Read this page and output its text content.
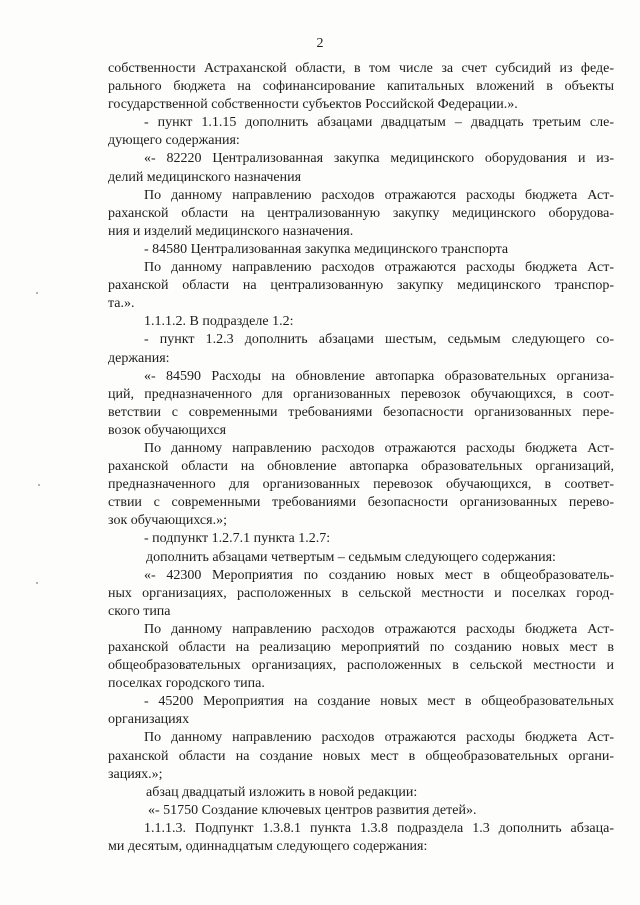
2
собственности Астраханской области, в том числе за счет субсидий из феде-
рального бюджета на софинансирование капитальных вложений в объекты
государственной собственности субъектов Российской Федерации.».
- пункт 1.1.15 дополнить абзацами двадцатым – двадцать третьим сле-
дующего содержания:
«- 82220 Централизованная закупка медицинского оборудования и из-
делий медицинского назначения
По данному направлению расходов отражаются расходы бюджета Аст-
раханской области на централизованную закупку медицинского оборудова-
ния и изделий медицинского назначения.
- 84580 Централизованная закупка медицинского транспорта
По данному направлению расходов отражаются расходы бюджета Аст-
раханской области на централизованную закупку медицинского транспор-
та.».
1.1.1.2. В подразделе 1.2:
- пункт 1.2.3 дополнить абзацами шестым, седьмым следующего со-
держания:
«- 84590 Расходы на обновление автопарка образовательных организа-
ций, предназначенного для организованных перевозок обучающихся, в соот-
ветствии с современными требованиями безопасности организованных пере-
возок обучающихся
По данному направлению расходов отражаются расходы бюджета Аст-
раханской области на обновление автопарка образовательных организаций,
предназначенного для организованных перевозок обучающихся, в соответ-
ствии с современными требованиями безопасности организованных перево-
зок обучающихся.»;
- подпункт 1.2.7.1 пункта 1.2.7:
дополнить абзацами четвертым – седьмым следующего содержания:
«- 42300 Мероприятия по созданию новых мест в общеобразователь-
ных организациях, расположенных в сельской местности и поселках город-
ского типа
По данному направлению расходов отражаются расходы бюджета Аст-
раханской области на реализацию мероприятий по созданию новых мест в
общеобразовательных организациях, расположенных в сельской местности и
поселках городского типа.
- 45200 Мероприятия на создание новых мест в общеобразовательных
организациях
По данному направлению расходов отражаются расходы бюджета Аст-
раханской области на создание новых мест в общеобразовательных органи-
зациях.»;
абзац двадцатый изложить в новой редакции:
«- 51750 Создание ключевых центров развития детей».
1.1.1.3. Подпункт 1.3.8.1 пункта 1.3.8 подраздела 1.3 дополнить абзаца-
ми десятым, одиннадцатым следующего содержания:
